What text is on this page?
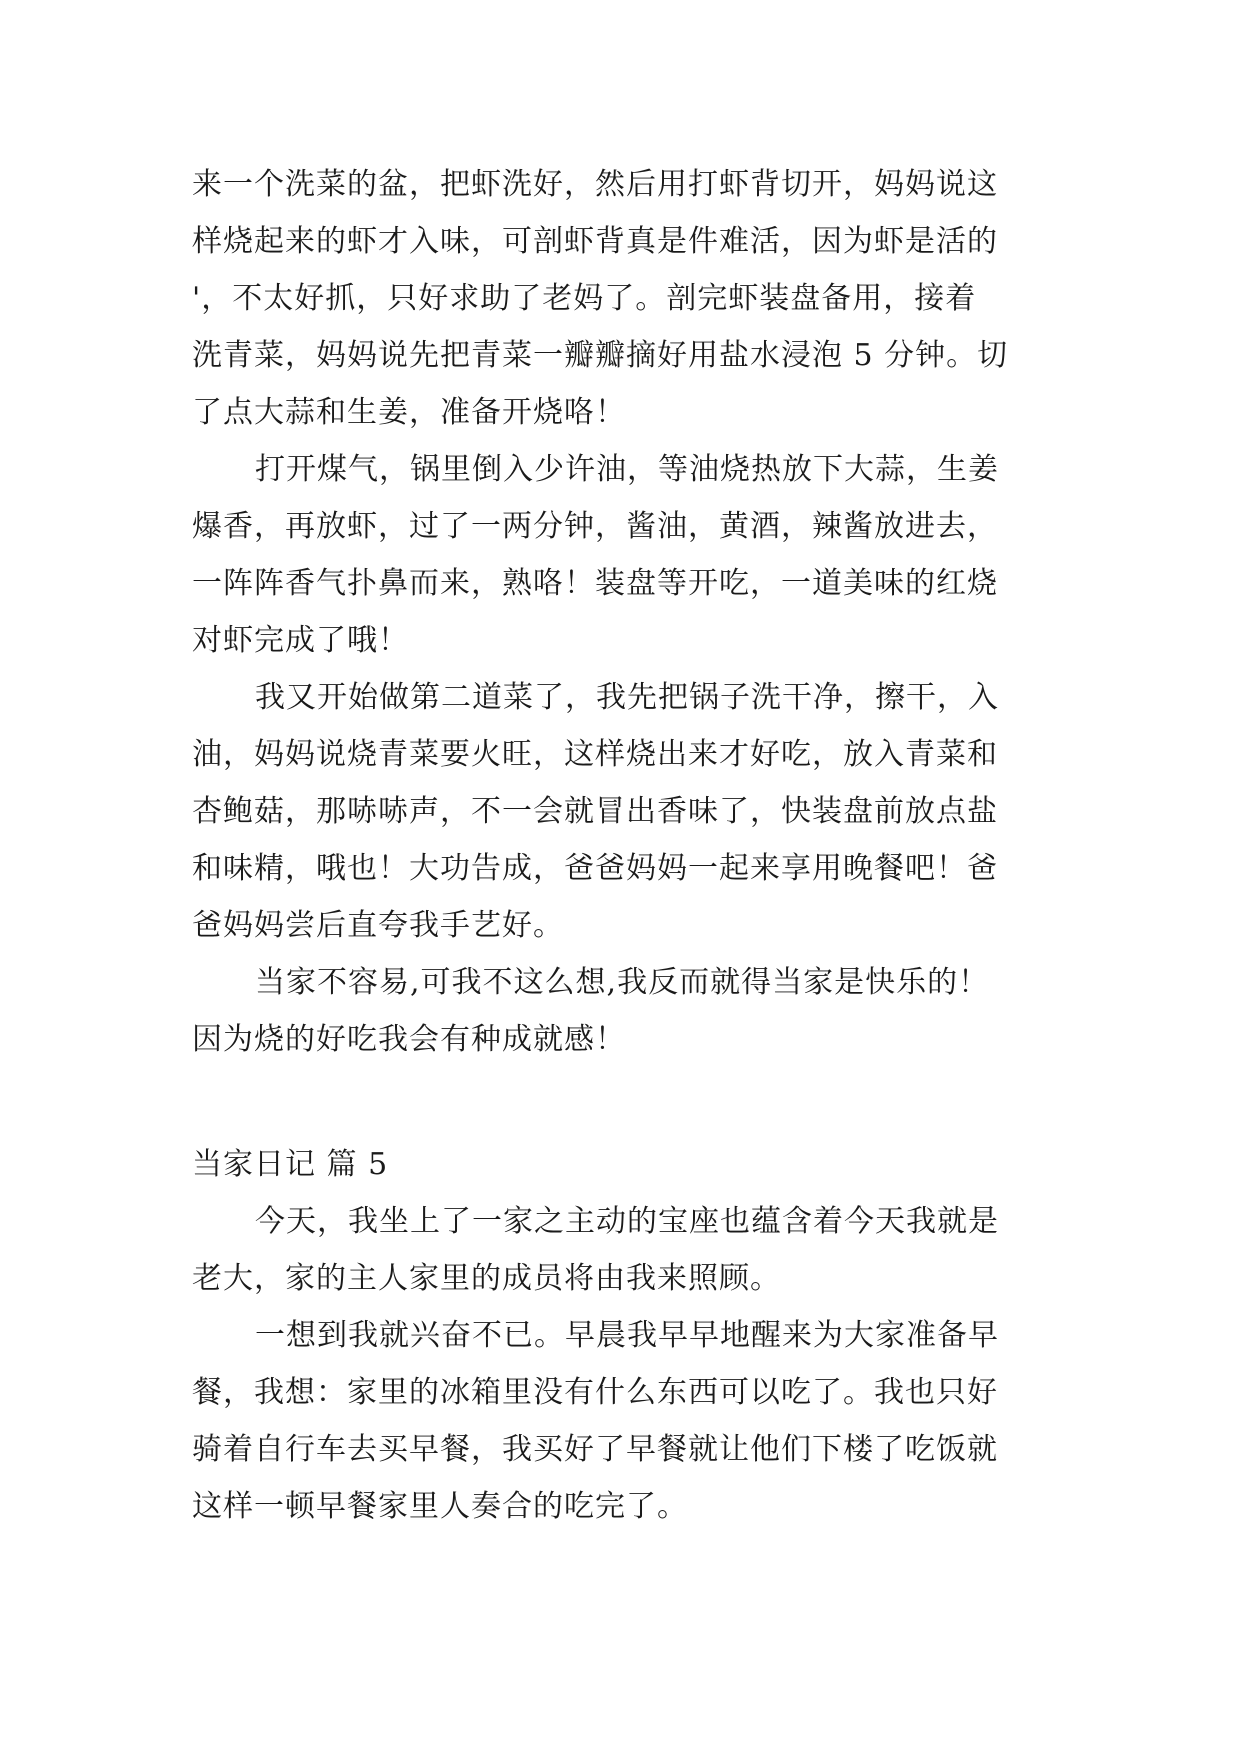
来一个洗菜的盆，把虾洗好，然后用打虾背切开，妈妈说这
样烧起来的虾才入味，可剖虾背真是件难活，因为虾是活的
'，不太好抓，只好求助了老妈了。剖完虾装盘备用，接着
洗青菜，妈妈说先把青菜一瓣瓣摘好用盐水浸泡 5 分钟。切
了点大蒜和生姜，准备开烧咯！
打开煤气，锅里倒入少许油，等油烧热放下大蒜，生姜
爆香，再放虾，过了一两分钟，酱油，黄酒，辣酱放进去，
一阵阵香气扑鼻而来，熟咯！装盘等开吃，一道美味的红烧
对虾完成了哦！
我又开始做第二道菜了，我先把锅子洗干净，擦干，入
油，妈妈说烧青菜要火旺，这样烧出来才好吃，放入青菜和
杏鲍菇，那哧哧声，不一会就冒出香味了，快装盘前放点盐
和味精，哦也！大功告成，爸爸妈妈一起来享用晚餐吧！爸
爸妈妈尝后直夸我手艺好。
当家不容易,可我不这么想,我反而就得当家是快乐的！
因为烧的好吃我会有种成就感！
当家日记 篇 5
今天，我坐上了一家之主动的宝座也蕴含着今天我就是
老大，家的主人家里的成员将由我来照顾。
一想到我就兴奋不已。早晨我早早地醒来为大家准备早
餐，我想：家里的冰箱里没有什么东西可以吃了。我也只好
骑着自行车去买早餐，我买好了早餐就让他们下楼了吃饭就
这样一顿早餐家里人奏合的吃完了。
